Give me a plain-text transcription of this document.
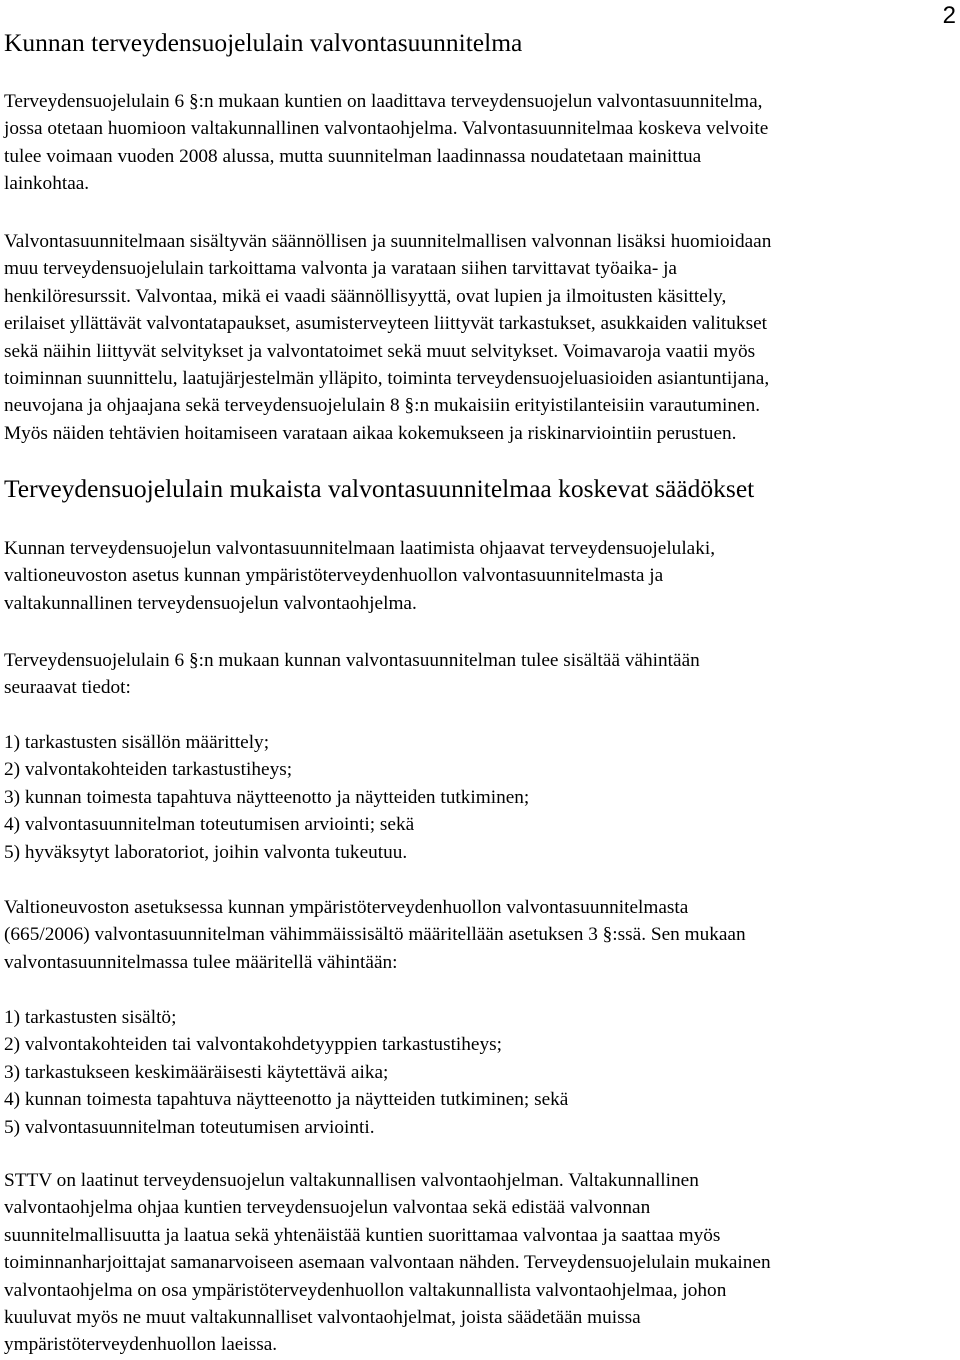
2
Kunnan terveydensuojelulain valvontasuunnitelma
Terveydensuojelulain 6 §:n mukaan kuntien on laadittava terveydensuojelun valvontasuunnitelma,
jossa otetaan huomioon valtakunnallinen valvontaohjelma. Valvontasuunnitelmaa koskeva velvoite
tulee voimaan vuoden 2008 alussa, mutta suunnitelman laadinnassa noudatetaan mainittua
lainkohtaa.
Valvontasuunnitelmaan sisältyvän säännöllisen ja suunnitelmallisen valvonnan lisäksi huomioidaan
muu terveydensuojelulain tarkoittama valvonta ja varataan siihen tarvittavat työaika- ja
henkilöresurssit. Valvontaa, mikä ei vaadi säännöllisyyttä, ovat lupien ja ilmoitusten käsittely,
erilaiset yllättävät valvontatapaukset, asumisterveyteen liittyvät tarkastukset, asukkaiden valitukset
sekä näihin liittyvät selvitykset ja valvontatoimet sekä muut selvitykset. Voimavaroja vaatii myös
toiminnan suunnittelu, laatujärjestelmän ylläpito, toiminta terveydensuojeluasioiden asiantuntijana,
neuvojana ja ohjaajana sekä terveydensuojelulain 8 §:n mukaisiin erityistilanteisiin varautuminen.
Myös näiden tehtävien hoitamiseen varataan aikaa kokemukseen ja riskinarviointiin perustuen.
Terveydensuojelulain mukaista valvontasuunnitelmaa koskevat säädökset
Kunnan terveydensuojelun valvontasuunnitelmaan laatimista ohjaavat terveydensuojelulaki,
valtioneuvoston asetus kunnan ympäristöterveydenhuollon valvontasuunnitelmasta ja
valtakunnallinen terveydensuojelun valvontaohjelma.
Terveydensuojelulain 6 §:n mukaan kunnan valvontasuunnitelman tulee sisältää vähintään
seuraavat tiedot:
1) tarkastusten sisällön määrittely;
2) valvontakohteiden tarkastustiheys;
3) kunnan toimesta tapahtuva näytteenotto ja näytteiden tutkiminen;
4) valvontasuunnitelman toteutumisen arviointi; sekä
5) hyväksytyt laboratoriot, joihin valvonta tukeutuu.
Valtioneuvoston asetuksessa kunnan ympäristöterveydenhuollon valvontasuunnitelmasta
(665/2006) valvontasuunnitelman vähimmäissisältö määritellään asetuksen 3 §:ssä. Sen mukaan
valvontasuunnitelmassa tulee määritellä vähintään:
1) tarkastusten sisältö;
2) valvontakohteiden tai valvontakohdetyyppien tarkastustiheys;
3) tarkastukseen keskimääräisesti käytettävä aika;
4) kunnan toimesta tapahtuva näytteenotto ja näytteiden tutkiminen; sekä
5) valvontasuunnitelman toteutumisen arviointi.
STTV on laatinut terveydensuojelun valtakunnallisen valvontaohjelman. Valtakunnallinen
valvontaohjelma ohjaa kuntien terveydensuojelun valvontaa sekä edistää valvonnan
suunnitelmallisuutta ja laatua sekä yhtenäistää kuntien suorittamaa valvontaa ja saattaa myös
toiminnanharjoittajat samanarvoiseen asemaan valvontaan nähden. Terveydensuojelulain mukainen
valvontaohjelma on osa ympäristöterveydenhuollon valtakunnallista valvontaohjelmaa, johon
kuuluvat myös ne muut valtakunnalliset valvontaohjelmat, joista säädetään muissa
ympäristöterveydenhuollon laeissa.
